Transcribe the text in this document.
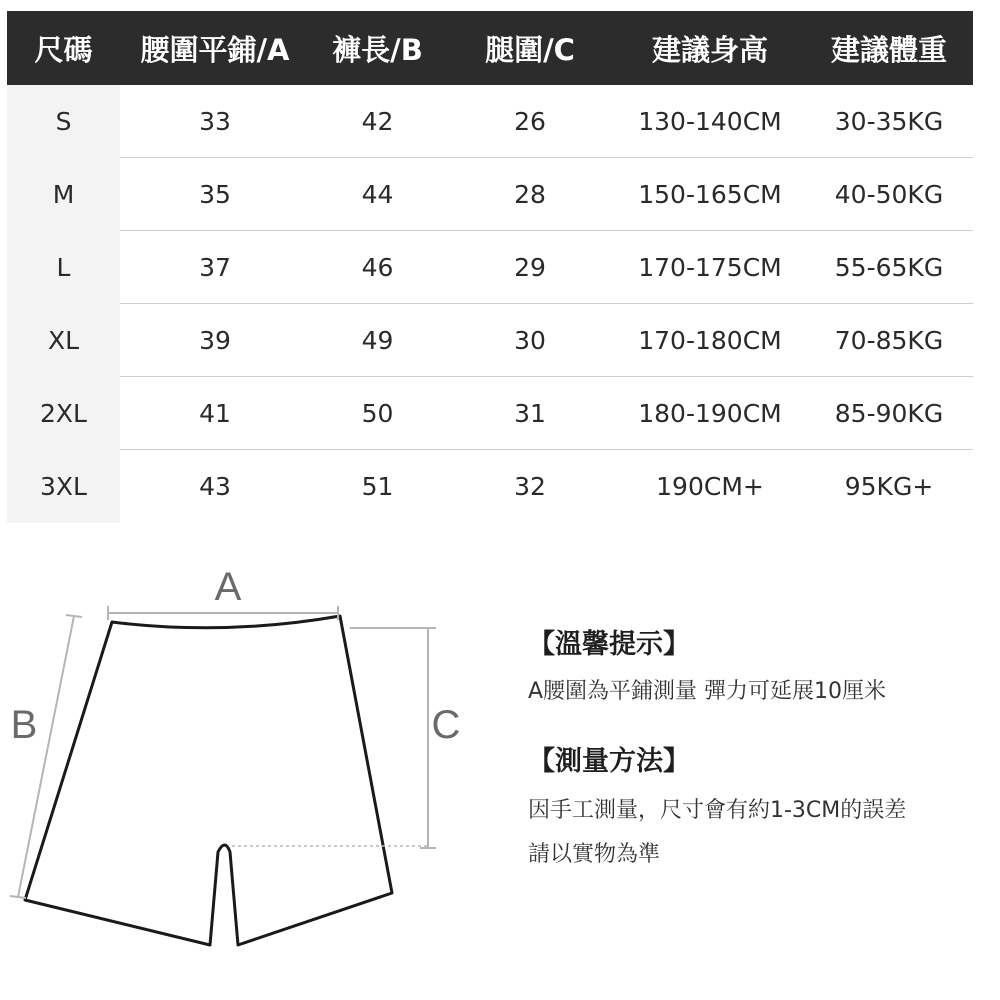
尺碼	腰圍平鋪/A	褲長/B	腿圍/C	建議身高	建議體重
S	33	42	26	130-140CM	30-35KG
M	35	44	28	150-165CM	40-50KG
L	37	46	29	170-175CM	55-65KG
XL	39	49	30	170-180CM	70-85KG
2XL	41	50	31	180-190CM	85-90KG
3XL	43	51	32	190CM+	95KG+
A
B	C
【溫馨提示】
A腰圍為平鋪測量 彈力可延展10厘米
【測量方法】
因手工測量，尺寸會有約1-3CM的誤差
請以實物為準
